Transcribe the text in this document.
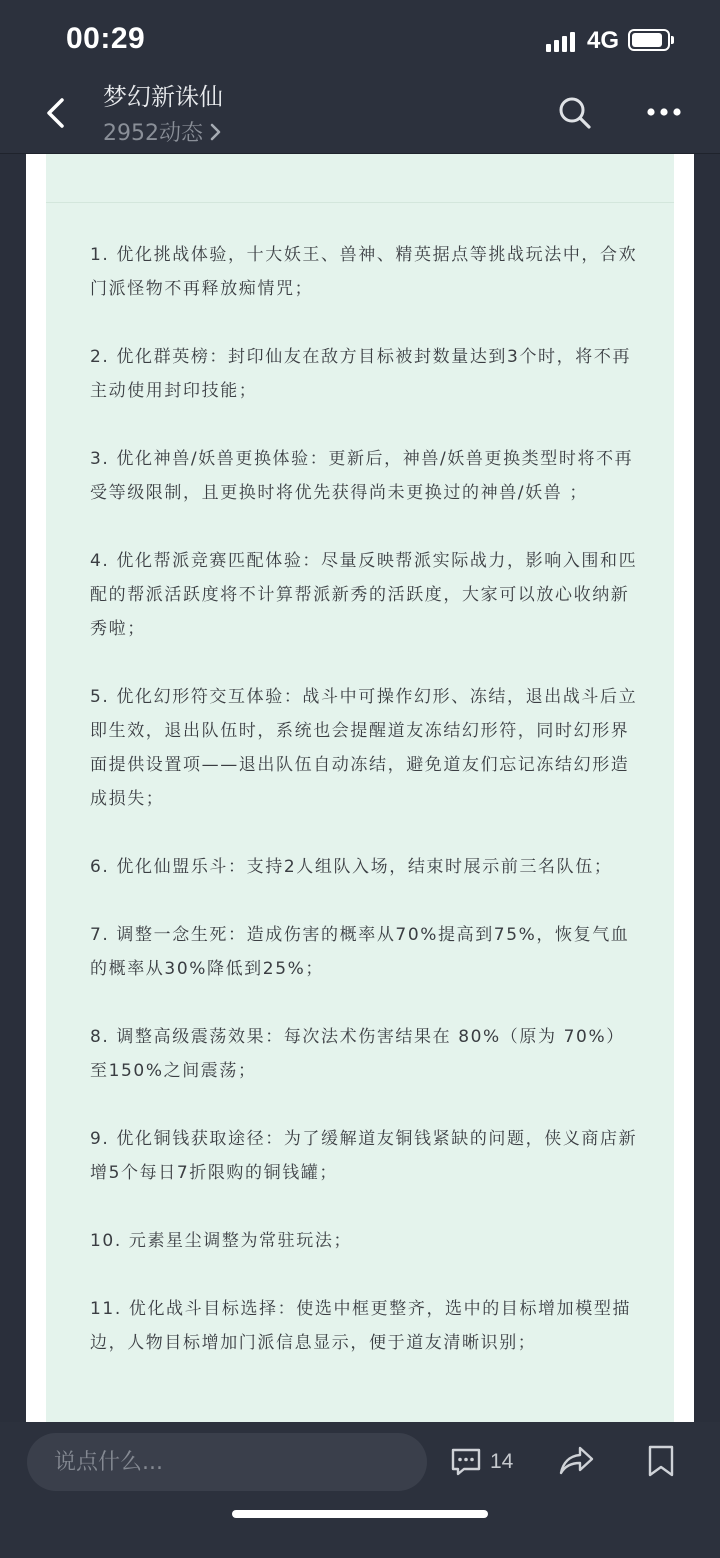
00:29	4G
梦幻新诛仙
2952动态

1. 优化挑战体验，十大妖王、兽神、精英据点等挑战玩法中，合欢门派怪物不再释放痴情咒；

2. 优化群英榜：封印仙友在敌方目标被封数量达到3个时，将不再主动使用封印技能；

3. 优化神兽/妖兽更换体验：更新后，神兽/妖兽更换类型时将不再受等级限制，且更换时将优先获得尚未更换过的神兽/妖兽 ；

4. 优化帮派竞赛匹配体验：尽量反映帮派实际战力，影响入围和匹配的帮派活跃度将不计算帮派新秀的活跃度，大家可以放心收纳新秀啦；

5. 优化幻形符交互体验：战斗中可操作幻形、冻结，退出战斗后立即生效，退出队伍时，系统也会提醒道友冻结幻形符，同时幻形界面提供设置项——退出队伍自动冻结，避免道友们忘记冻结幻形造成损失；

6. 优化仙盟乐斗：支持2人组队入场，结束时展示前三名队伍；

7. 调整一念生死：造成伤害的概率从70%提高到75%，恢复气血的概率从30%降低到25%；

8. 调整高级震荡效果：每次法术伤害结果在 80%（原为 70%）至150%之间震荡；

9. 优化铜钱获取途径：为了缓解道友铜钱紧缺的问题，侠义商店新增5个每日7折限购的铜钱罐；

10. 元素星尘调整为常驻玩法；

11. 优化战斗目标选择：使选中框更整齐，选中的目标增加模型描边，人物目标增加门派信息显示，便于道友清晰识别；

说点什么...
14
